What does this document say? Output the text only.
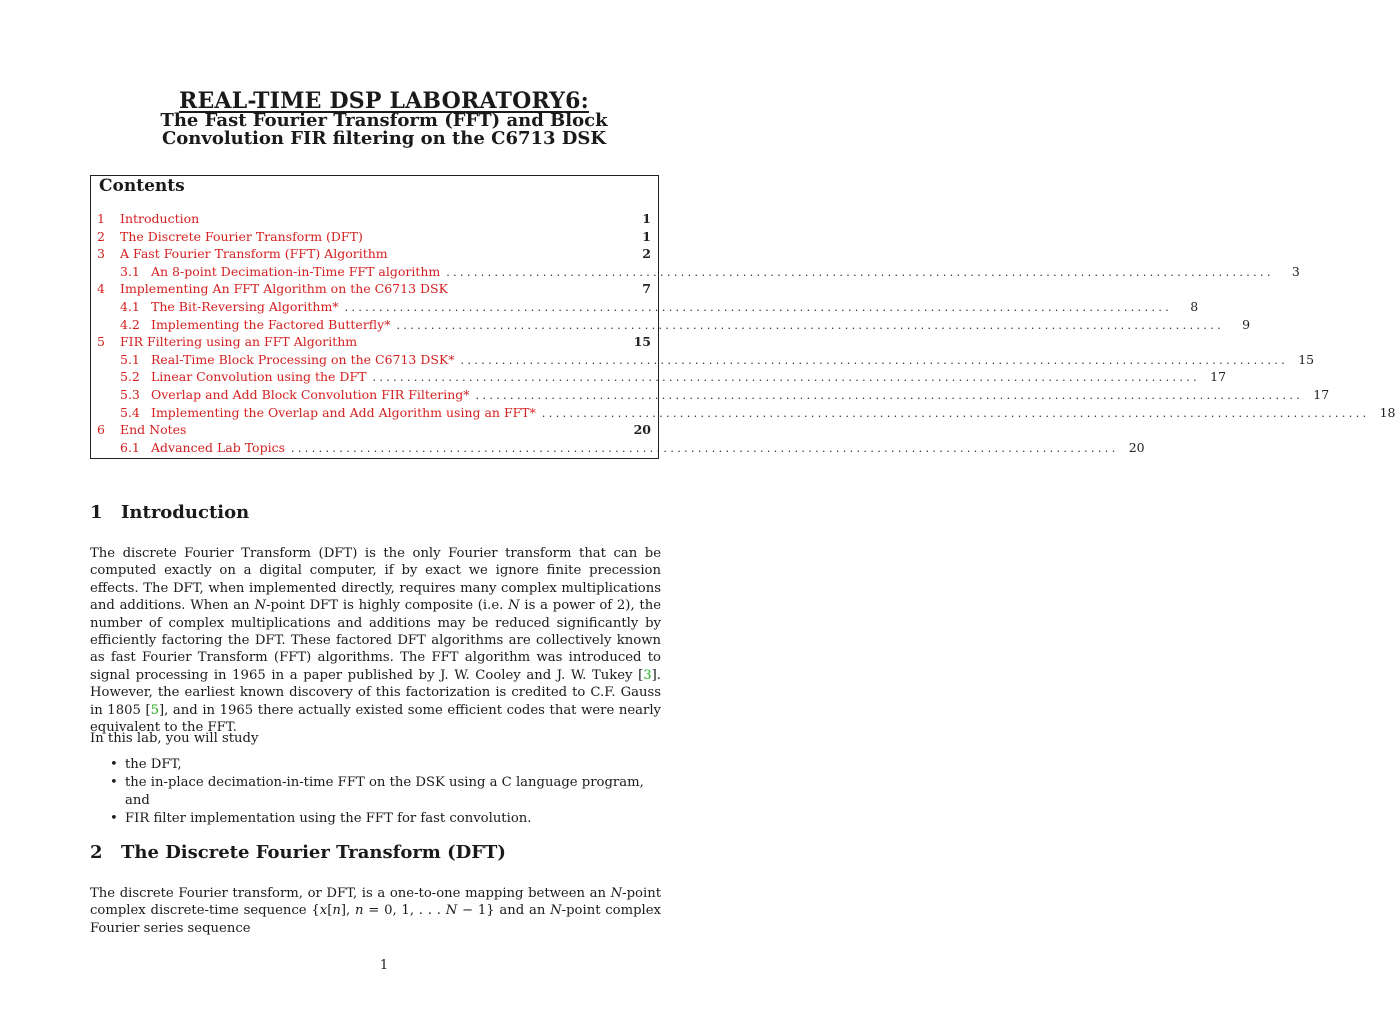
REAL-TIME DSP LABORATORY6:
The Fast Fourier Transform (FFT) and Block
Convolution FIR filtering on the C6713 DSK
Contents
1	Introduction	1
2	The Discrete Fourier Transform (DFT)	1
3	A Fast Fourier Transform (FFT) Algorithm	2
3.1 An 8-point Decimation-in-Time FFT algorithm ........................................................................................................................	3
4	Implementing An FFT Algorithm on the C6713 DSK	7
4.1 The Bit-Reversing Algorithm* ........................................................................................................................	8
4.2 Implementing the Factored Butterfly* ........................................................................................................................	9
5	FIR Filtering using an FFT Algorithm	15
5.1 Real-Time Block Processing on the C6713 DSK* ........................................................................................................................ 15
5.2 Linear Convolution using the DFT ........................................................................................................................ 17
5.3 Overlap and Add Block Convolution FIR Filtering* ........................................................................................................................ 17
5.4 Implementing the Overlap and Add Algorithm using an FFT* ........................................................................................................................ 18
6	End Notes	20
6.1 Advanced Lab Topics ........................................................................................................................ 20
1 Introduction

The discrete Fourier Transform (DFT) is the only Fourier transform that can be computed exactly on a digital computer, if by exact we ignore finite precession effects. The DFT, when implemented directly, requires many complex multiplications and additions. When an N-point DFT is highly composite (i.e. N is a power of 2), the number of complex multiplications and additions may be reduced significantly by efficiently factoring the DFT. These factored DFT algorithms are collectively known as fast Fourier Transform (FFT) algorithms. The FFT algorithm was introduced to signal processing in 1965 in a paper published by J. W. Cooley and J. W. Tukey [3]. However, the earliest known discovery of this factorization is credited to C.F. Gauss in 1805 [5], and in 1965 there actually existed some efficient codes that were nearly equivalent to the FFT.

In this lab, you will study
• the DFT,
• the in-place decimation-in-time FFT on the DSK using a C language program, and
• FIR filter implementation using the FFT for fast convolution.
2 The Discrete Fourier Transform (DFT)

The discrete Fourier transform, or DFT, is a one-to-one mapping between an N-point complex discrete-time sequence {x[n], n = 0, 1, . . . N − 1} and an N-point complex Fourier series sequence

1
